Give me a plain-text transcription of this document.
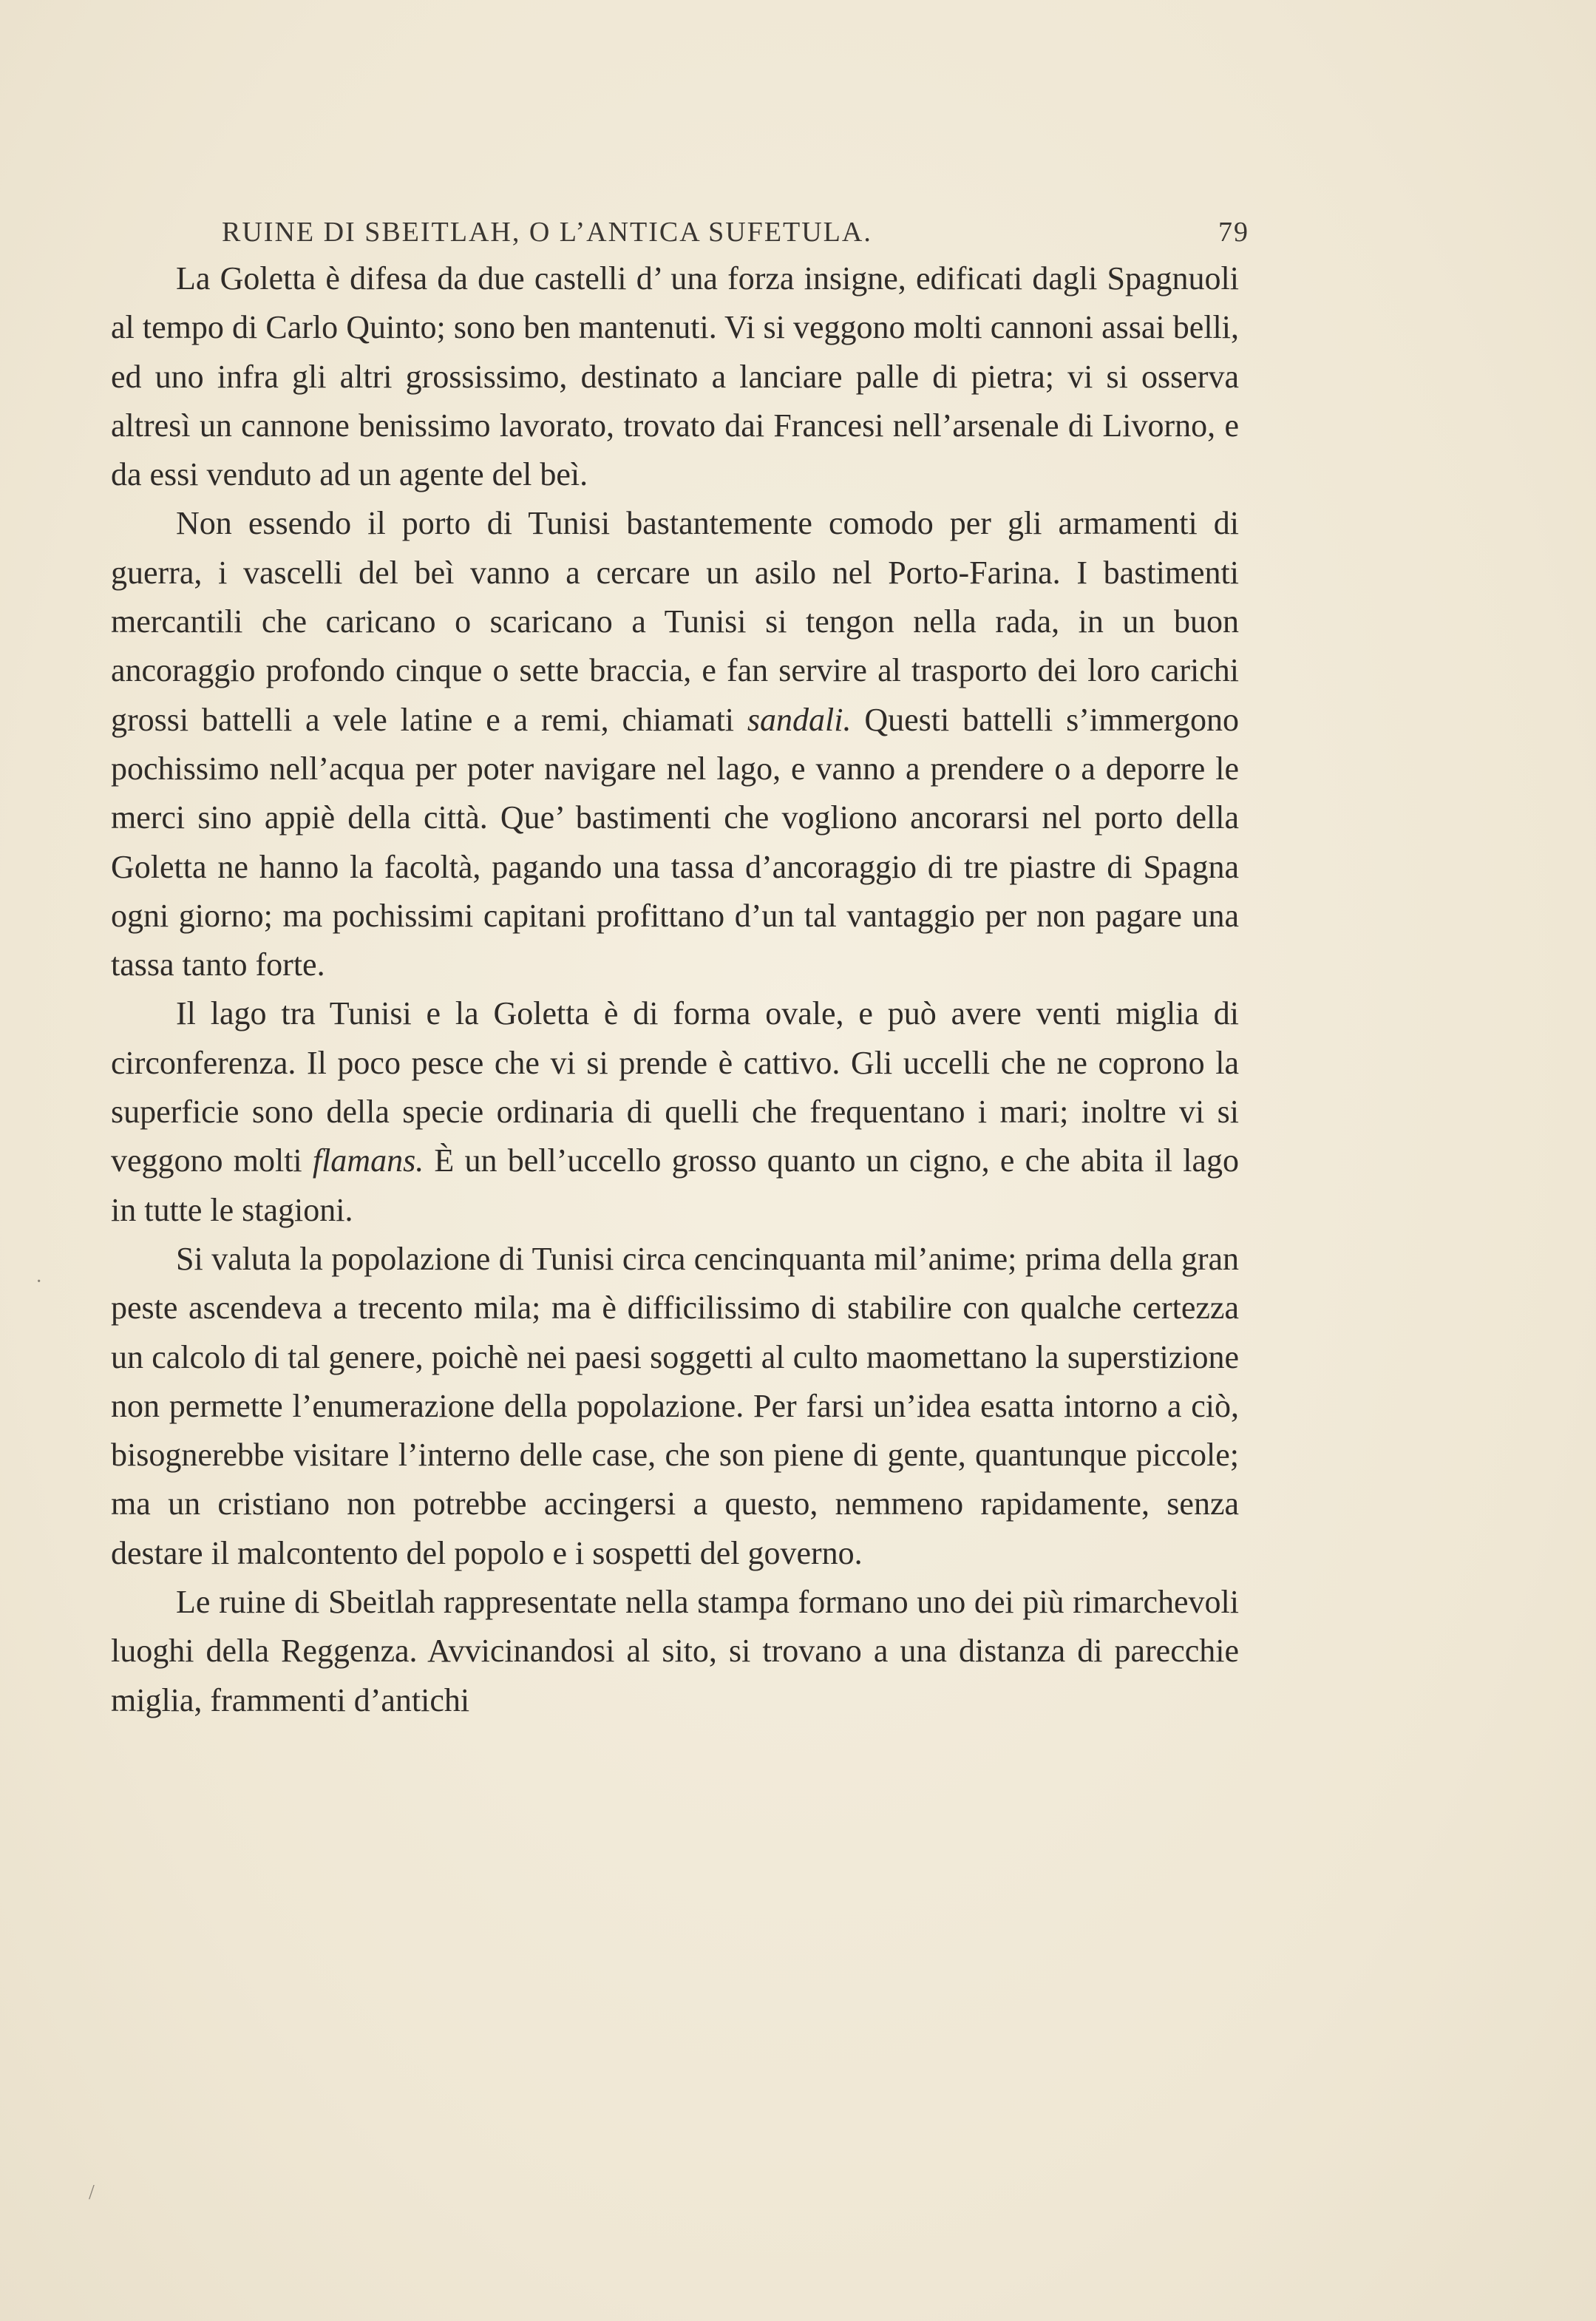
RUINE DI SBEITLAH, O L’ANTICA SUFETULA.	79

La Goletta è difesa da due castelli d’ una forza insigne, edificati dagli Spagnuoli al tempo di Carlo Quinto; sono ben mantenuti. Vi si veggono molti cannoni assai belli, ed uno infra gli altri grossissimo, destinato a lanciare palle di pietra; vi si osserva altresì un cannone benissimo lavorato, trovato dai Francesi nell’arsenale di Livorno, e da essi venduto ad un agente del beì.

Non essendo il porto di Tunisi bastantemente comodo per gli armamenti di guerra, i vascelli del beì vanno a cercare un asilo nel Porto-Farina. I bastimenti mercantili che caricano o scaricano a Tunisi si tengon nella rada, in un buon ancoraggio profondo cinque o sette braccia, e fan servire al trasporto dei loro carichi grossi battelli a vele latine e a remi, chiamati sandali. Questi battelli s’immergono pochissimo nell’acqua per poter navigare nel lago, e vanno a prendere o a deporre le merci sino appiè della città. Que’ bastimenti che vogliono ancorarsi nel porto della Goletta ne hanno la facoltà, pagando una tassa d’ancoraggio di tre piastre di Spagna ogni giorno; ma pochissimi capitani profittano d’un tal vantaggio per non pagare una tassa tanto forte.

Il lago tra Tunisi e la Goletta è di forma ovale, e può avere venti miglia di circonferenza. Il poco pesce che vi si prende è cattivo. Gli uccelli che ne coprono la superficie sono della specie ordinaria di quelli che frequentano i mari; inoltre vi si veggono molti flamans. È un bell’uccello grosso quanto un cigno, e che abita il lago in tutte le stagioni.

Si valuta la popolazione di Tunisi circa cencinquanta mil’anime; prima della gran peste ascendeva a trecento mila; ma è difficilissimo di stabilire con qualche certezza un calcolo di tal genere, poichè nei paesi soggetti al culto maomettano la superstizione non permette l’enumerazione della popolazione. Per farsi un’idea esatta intorno a ciò, bisognerebbe visitare l’interno delle case, che son piene di gente, quantunque piccole; ma un cristiano non potrebbe accingersi a questo, nemmeno rapidamente, senza destare il malcontento del popolo e i sospetti del governo.

Le ruine di Sbeitlah rappresentate nella stampa formano uno dei più rimarchevoli luoghi della Reggenza. Avvicinandosi al sito, si trovano a una distanza di parecchie miglia, frammenti d’antichi

·
/
